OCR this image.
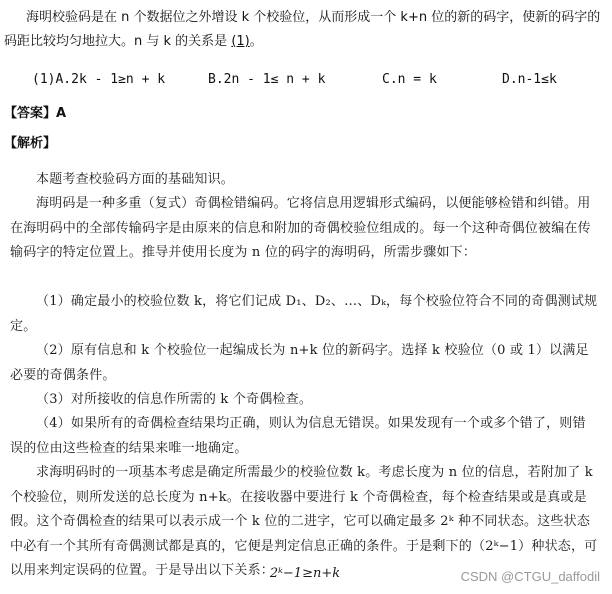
海明校验码是在 n 个数据位之外增设 k 个校验位，从而形成一个 k+n 位的新的码字，使新的码字的码距比较均匀地拉大。n 与 k 的关系是 (1)。
(1)A.2k - 1≥n + k	B.2n - 1≤ n + k	C.n = k	D.n-1≤k
【答案】A
【解析】
本题考查校验码方面的基础知识。
海明码是一种多重（复式）奇偶检错编码。它将信息用逻辑形式编码，以便能够检错和纠错。用在海明码中的全部传输码字是由原来的信息和附加的奇偶校验位组成的。每一个这种奇偶位被编在传输码字的特定位置上。推导并使用长度为 n 位的码字的海明码，所需步骤如下：
（1）确定最小的校验位数 k，将它们记成 D₁、D₂、…、Dₖ，每个校验位符合不同的奇偶测试规定。
（2）原有信息和 k 个校验位一起编成长为 n+k 位的新码字。选择 k 校验位（0 或 1）以满足必要的奇偶条件。
（3）对所接收的信息作所需的 k 个奇偶检查。
（4）如果所有的奇偶检查结果均正确，则认为信息无错误。如果发现有一个或多个错了，则错误的位由这些检查的结果来唯一地确定。
求海明码时的一项基本考虑是确定所需最少的校验位数 k。考虑长度为 n 位的信息，若附加了 k 个校验位，则所发送的总长度为 n+k。在接收器中要进行 k 个奇偶检查，每个检查结果或是真或是假。这个奇偶检查的结果可以表示成一个 k 位的二进字，它可以确定最多 2ᵏ 种不同状态。这些状态中必有一个其所有奇偶测试都是真的，它便是判定信息正确的条件。于是剩下的（2ᵏ−1）种状态，可以用来判定误码的位置。于是导出以下关系：
2ᵏ−1≥n+k	CSDN @CTGU_daffodil
